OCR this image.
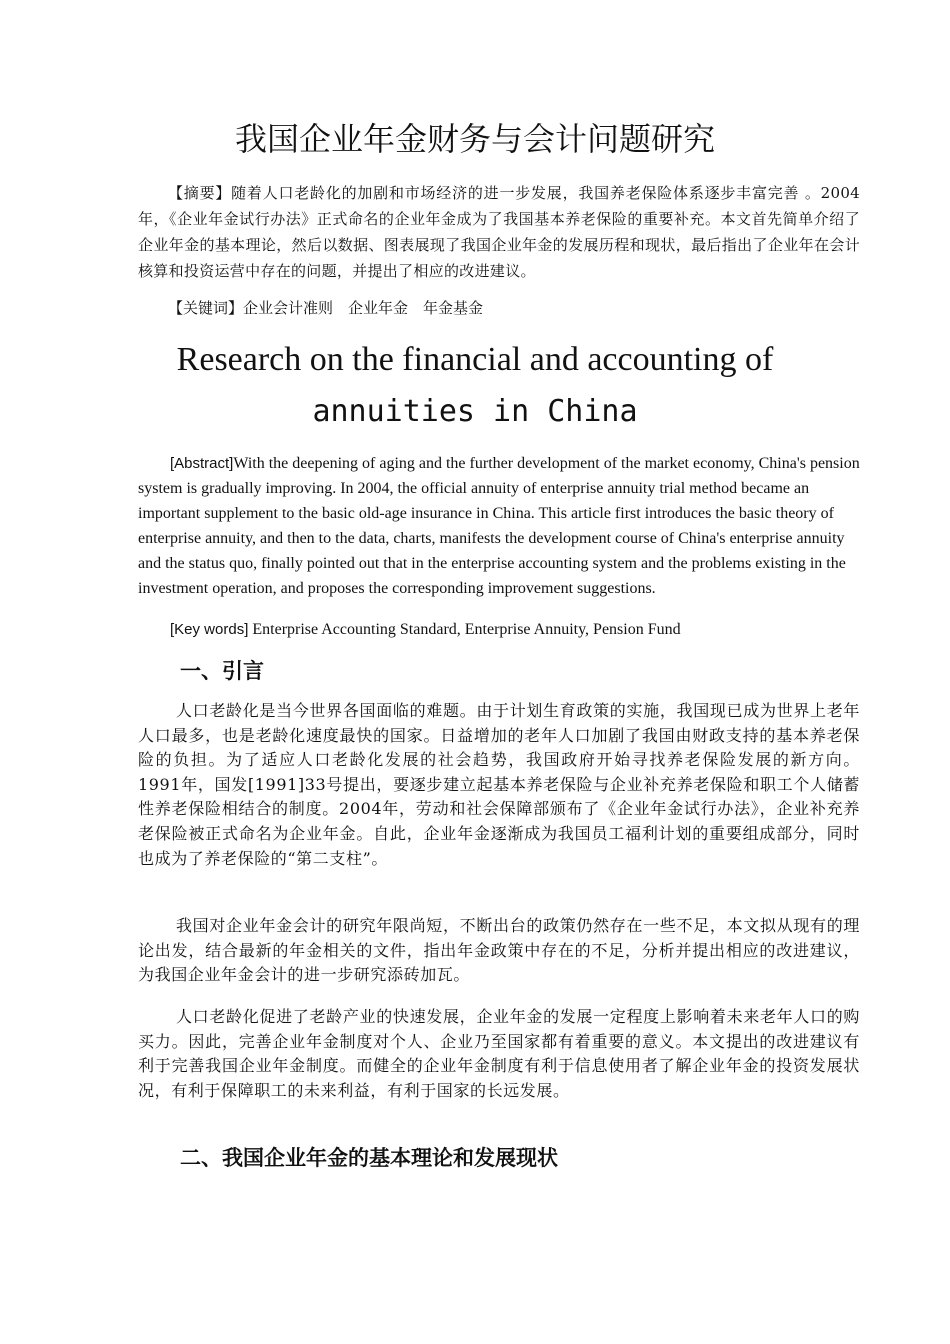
我国企业年金财务与会计问题研究

【摘要】随着人口老龄化的加剧和市场经济的进一步发展，我国养老保险体系逐步丰富完善 。2004年，《企业年金试行办法》正式命名的企业年金成为了我国基本养老保险的重要补充。本文首先简单介绍了企业年金的基本理论，然后以数据、图表展现了我国企业年金的发展历程和现状，最后指出了企业年在会计核算和投资运营中存在的问题，并提出了相应的改进建议。

【关键词】企业会计准则　企业年金　年金基金

Research on the financial and accounting of
annuities in China

[Abstract]With the deepening of aging and the further development of the market economy, China's pension system is gradually improving. In 2004, the official annuity of enterprise annuity trial method became an important supplement to the basic old-age insurance in China. This article first introduces the basic theory of enterprise annuity, and then to the data, charts, manifests the development course of China's enterprise annuity and the status quo, finally pointed out that in the enterprise accounting system and the problems existing in the investment operation, and proposes the corresponding improvement suggestions.

[Key words] Enterprise Accounting Standard, Enterprise Annuity, Pension Fund

一、引言

人口老龄化是当今世界各国面临的难题。由于计划生育政策的实施，我国现已成为世界上老年人口最多，也是老龄化速度最快的国家。日益增加的老年人口加剧了我国由财政支持的基本养老保险的负担。为了适应人口老龄化发展的社会趋势，我国政府开始寻找养老保险发展的新方向。1991年，国发[1991]33号提出，要逐步建立起基本养老保险与企业补充养老保险和职工个人储蓄性养老保险相结合的制度。2004年，劳动和社会保障部颁布了《企业年金试行办法》，企业补充养老保险被正式命名为企业年金。自此，企业年金逐渐成为我国员工福利计划的重要组成部分，同时也成为了养老保险的“第二支柱”。

我国对企业年金会计的研究年限尚短，不断出台的政策仍然存在一些不足，本文拟从现有的理论出发，结合最新的年金相关的文件，指出年金政策中存在的不足，分析并提出相应的改进建议，为我国企业年金会计的进一步研究添砖加瓦。

人口老龄化促进了老龄产业的快速发展，企业年金的发展一定程度上影响着未来老年人口的购买力。因此，完善企业年金制度对个人、企业乃至国家都有着重要的意义。本文提出的改进建议有利于完善我国企业年金制度。而健全的企业年金制度有利于信息使用者了解企业年金的投资发展状况，有利于保障职工的未来利益，有利于国家的长远发展。

二、我国企业年金的基本理论和发展现状
